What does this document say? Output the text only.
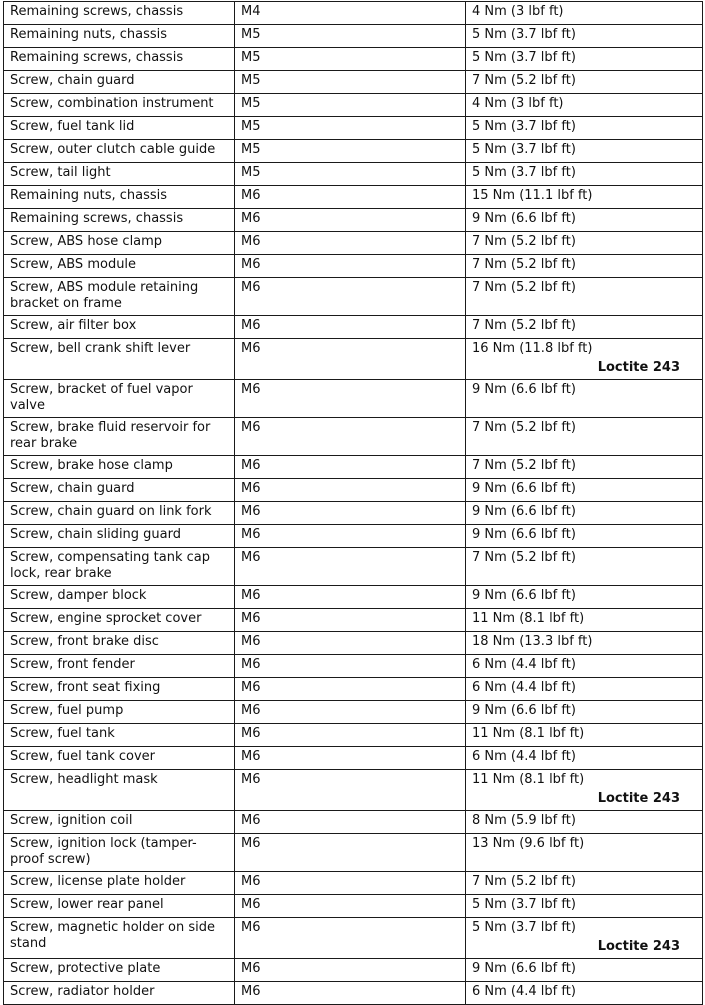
Remaining screws, chassis	M4	4 Nm (3 lbf ft)
Remaining nuts, chassis	M5	5 Nm (3.7 lbf ft)
Remaining screws, chassis	M5	5 Nm (3.7 lbf ft)
Screw, chain guard	M5	7 Nm (5.2 lbf ft)
Screw, combination instrument	M5	4 Nm (3 lbf ft)
Screw, fuel tank lid	M5	5 Nm (3.7 lbf ft)
Screw, outer clutch cable guide	M5	5 Nm (3.7 lbf ft)
Screw, tail light	M5	5 Nm (3.7 lbf ft)
Remaining nuts, chassis	M6	15 Nm (11.1 lbf ft)
Remaining screws, chassis	M6	9 Nm (6.6 lbf ft)
Screw, ABS hose clamp	M6	7 Nm (5.2 lbf ft)
Screw, ABS module	M6	7 Nm (5.2 lbf ft)
Screw, ABS module retaining bracket on frame	M6	7 Nm (5.2 lbf ft)
Screw, air filter box	M6	7 Nm (5.2 lbf ft)
Screw, bell crank shift lever	M6	16 Nm (11.8 lbf ft)
Loctite 243

Screw, bracket of fuel vapor valve	M6	9 Nm (6.6 lbf ft)
Screw, brake fluid reservoir for rear brake	M6	7 Nm (5.2 lbf ft)
Screw, brake hose clamp	M6	7 Nm (5.2 lbf ft)
Screw, chain guard	M6	9 Nm (6.6 lbf ft)
Screw, chain guard on link fork	M6	9 Nm (6.6 lbf ft)
Screw, chain sliding guard	M6	9 Nm (6.6 lbf ft)
Screw, compensating tank cap lock, rear brake	M6	7 Nm (5.2 lbf ft)
Screw, damper block	M6	9 Nm (6.6 lbf ft)
Screw, engine sprocket cover	M6	11 Nm (8.1 lbf ft)
Screw, front brake disc	M6	18 Nm (13.3 lbf ft)
Screw, front fender	M6	6 Nm (4.4 lbf ft)
Screw, front seat fixing	M6	6 Nm (4.4 lbf ft)
Screw, fuel pump	M6	9 Nm (6.6 lbf ft)
Screw, fuel tank	M6	11 Nm (8.1 lbf ft)
Screw, fuel tank cover	M6	6 Nm (4.4 lbf ft)
Screw, headlight mask	M6	11 Nm (8.1 lbf ft)
Loctite 243

Screw, ignition coil	M6	8 Nm (5.9 lbf ft)
Screw, ignition lock (tamper-proof screw)	M6	13 Nm (9.6 lbf ft)
Screw, license plate holder	M6	7 Nm (5.2 lbf ft)
Screw, lower rear panel	M6	5 Nm (3.7 lbf ft)
Screw, magnetic holder on side stand	M6	5 Nm (3.7 lbf ft)
Loctite 243

Screw, protective plate	M6	9 Nm (6.6 lbf ft)
Screw, radiator holder	M6	6 Nm (4.4 lbf ft)
